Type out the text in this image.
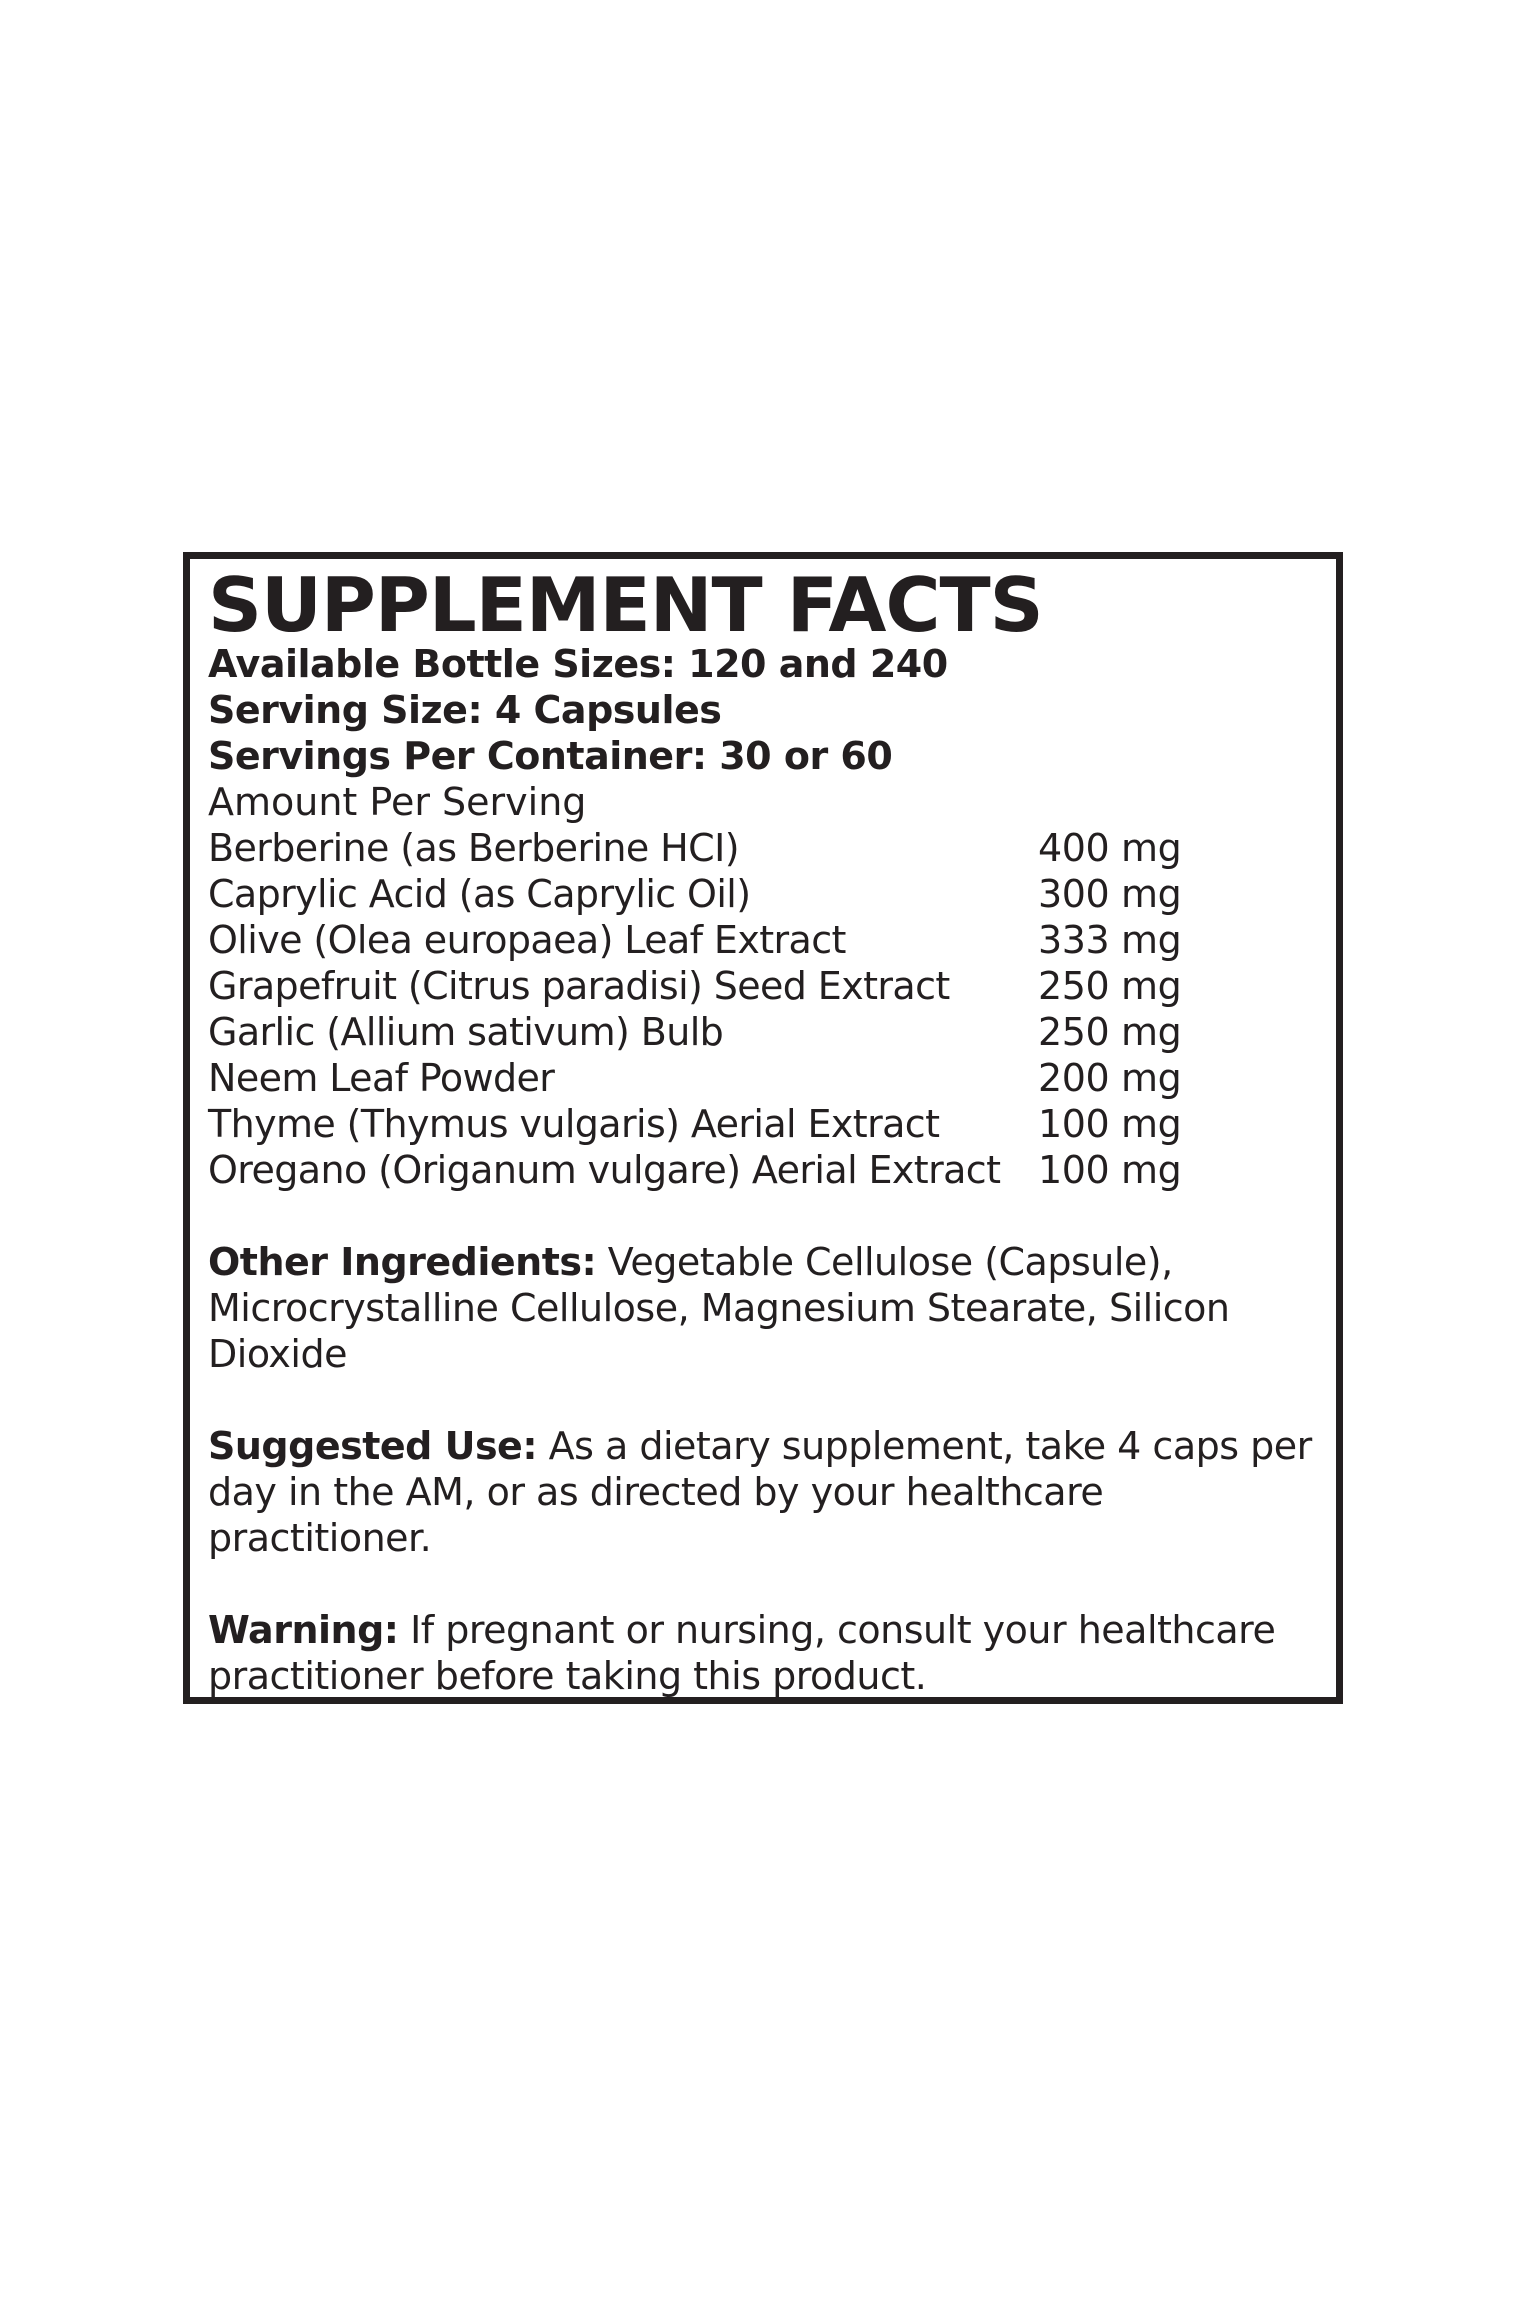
SUPPLEMENT FACTS

Available Bottle Sizes: 120 and 240

Serving Size: 4 Capsules

Servings Per Container: 30 or 60

Amount Per Serving

Berberine (as Berberine HCI)	400 mg
Caprylic Acid (as Caprylic Oil)	300 mg
Olive (Olea europaea) Leaf Extract	333 mg
Grapefruit (Citrus paradisi) Seed Extract	250 mg
Garlic (Allium sativum) Bulb	250 mg
Neem Leaf Powder	200 mg
Thyme (Thymus vulgaris) Aerial Extract	100 mg
Oregano (Origanum vulgare) Aerial Extract 100 mg

Other Ingredients: Vegetable Cellulose (Capsule), Microcrystalline Cellulose, Magnesium Stearate, Silicon Dioxide

Suggested Use: As a dietary supplement, take 4 caps per day in the AM, or as directed by your healthcare practitioner.

Warning: If pregnant or nursing, consult your healthcare practitioner before taking this product.
